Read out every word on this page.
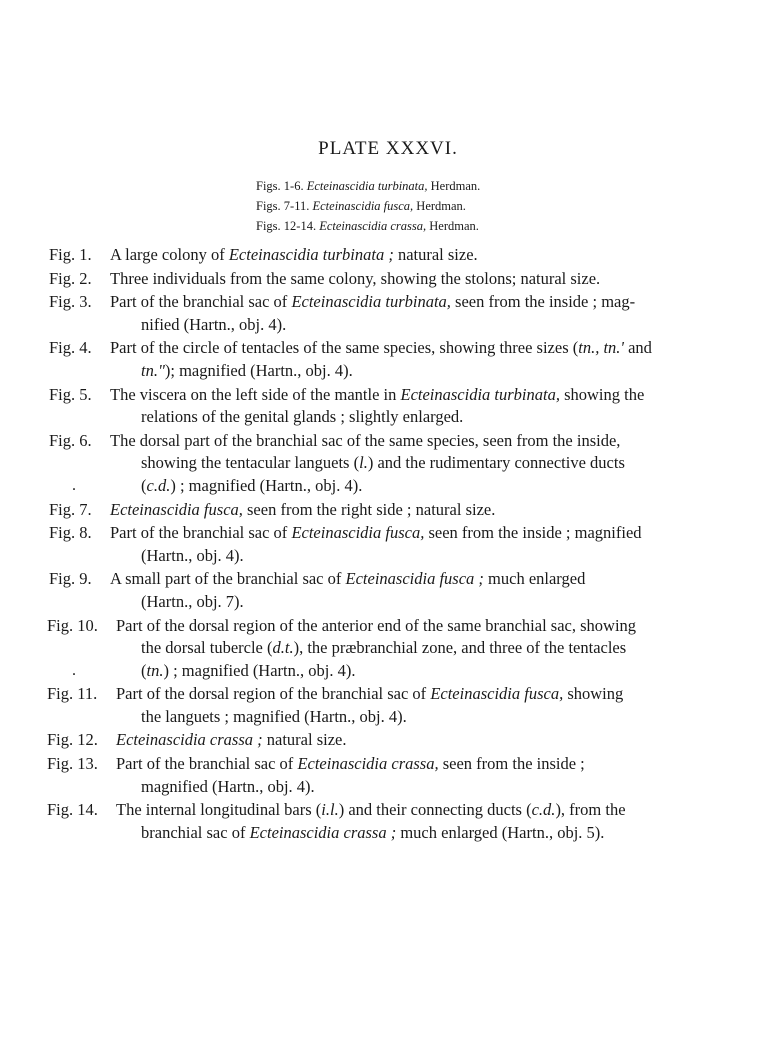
PLATE XXXVI.
Figs. 1-6. Ecteinascidia turbinata, Herdman.
Figs. 7-11. Ecteinascidia fusca, Herdman.
Figs. 12-14. Ecteinascidia crassa, Herdman.
Fig. 1. A large colony of Ecteinascidia turbinata ; natural size.
Fig. 2. Three individuals from the same colony, showing the stolons; natural size.
Fig. 3. Part of the branchial sac of Ecteinascidia turbinata, seen from the inside ; mag-
nified (Hartn., obj. 4).
Fig. 4. Part of the circle of tentacles of the same species, showing three sizes (tn., tn.' and
tn."); magnified (Hartn., obj. 4).
Fig. 5. The viscera on the left side of the mantle in Ecteinascidia turbinata, showing the
relations of the genital glands ; slightly enlarged.
Fig. 6. The dorsal part of the branchial sac of the same species, seen from the inside,
showing the tentacular languets (l.) and the rudimentary connective ducts
.	(c.d.) ; magnified (Hartn., obj. 4).
Fig. 7. Ecteinascidia fusca, seen from the right side ; natural size.
Fig. 8. Part of the branchial sac of Ecteinascidia fusca, seen from the inside ; magnified
(Hartn., obj. 4).
Fig. 9. A small part of the branchial sac of Ecteinascidia fusca ; much enlarged
(Hartn., obj. 7).
Fig. 10. Part of the dorsal region of the anterior end of the same branchial sac, showing
the dorsal tubercle (d.t.), the præbranchial zone, and three of the tentacles
.	(tn.) ; magnified (Hartn., obj. 4).
Fig. 11. Part of the dorsal region of the branchial sac of Ecteinascidia fusca, showing
the languets ; magnified (Hartn., obj. 4).
Fig. 12. Ecteinascidia crassa ; natural size.
Fig. 13. Part of the branchial sac of Ecteinascidia crassa, seen from the inside ;
magnified (Hartn., obj. 4).
Fig. 14. The internal longitudinal bars (i.l.) and their connecting ducts (c.d.), from the
branchial sac of Ecteinascidia crassa ; much enlarged (Hartn., obj. 5).
